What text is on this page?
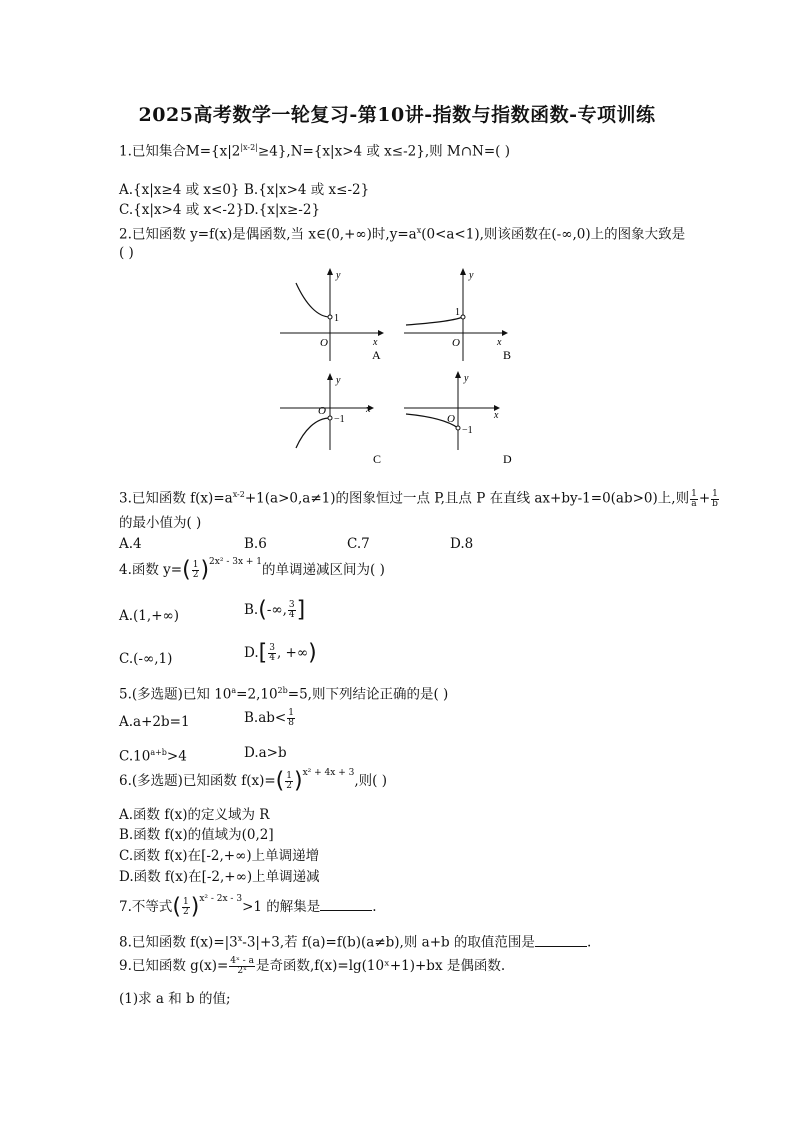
2025高考数学一轮复习-第10讲-指数与指数函数-专项训练
1.已知集合$M=\{x|2^{|x-2|}\ge 4\},N=\{x|x>4$ 或 x≤-2},则 M∩N=( )
A.{x|x≥4 或 x≤0} B.{x|x>4 或 x≤-2}
C.{x|x>4 或 x<-2} D.{x|x≥-2}
2.已知函数 y=f(x)是偶函数,当 x∈(0,+∞)时$,y=a^x(0<a<1)$,则该函数在(-∞,0)上的图象大致是
( )
y
x
O
1
A
y
x
O
1
B
y
x
O
−1
C
y
x
O
−1
D
3.已知函数 $f(x)=a^{x-2}+1(a>0,a\ne 1)$的图象恒过一点 P,且点 P 在直线 ax+by-1=0(ab>0)上,则 $\frac{1}{a} + \frac{1}{b}$
的最小值为( )
A.4	B.6	C.7	D.8
4.函数 $y=( \frac{1}{2} )^{2x^2 - 3x + 1}$的单调递减区间为( )
A.(1,+∞)	B.(-∞, $\frac{3}{4}$ ]
C.(-∞,1)	$D.[ \frac{3}{4}$ , +∞)
5.(多选题)已知 $10^a=2,10^{2b}=5$,则下列结论正确的是( )
A.a+2b=1	$B.ab< \frac{1}{8}$
$C.10^{a+b}>4$	D.a>b
6.(多选题)已知函数 $f(x)=( \frac{1}{2} )^{x^2 + 4x + 3}$,则( )
A.函数 f(x)的定义域为 R
B.函数 f(x)的值域为(0,2]
C.函数 f(x)在[-2,+∞)上单调递增
D.函数 f(x)在[-2,+∞)上单调递减
7.不等式( $\frac{1}{2} )^{x^2 - 2x - 3}>1$ 的解集是	.
8.已知函数 $f(x)=|3^x-3|+3$,若 f(a)=f(b)(a≠b),则 a+b 的取值范围是	.
9.已知函数 $g(x)= \frac{\text{4ˣ - a}}{\text{2ˣ}}$ 是奇函数,f(x)=lg(10ˣ+1)+bx 是偶函数.
(1)求 a 和 b 的值;
